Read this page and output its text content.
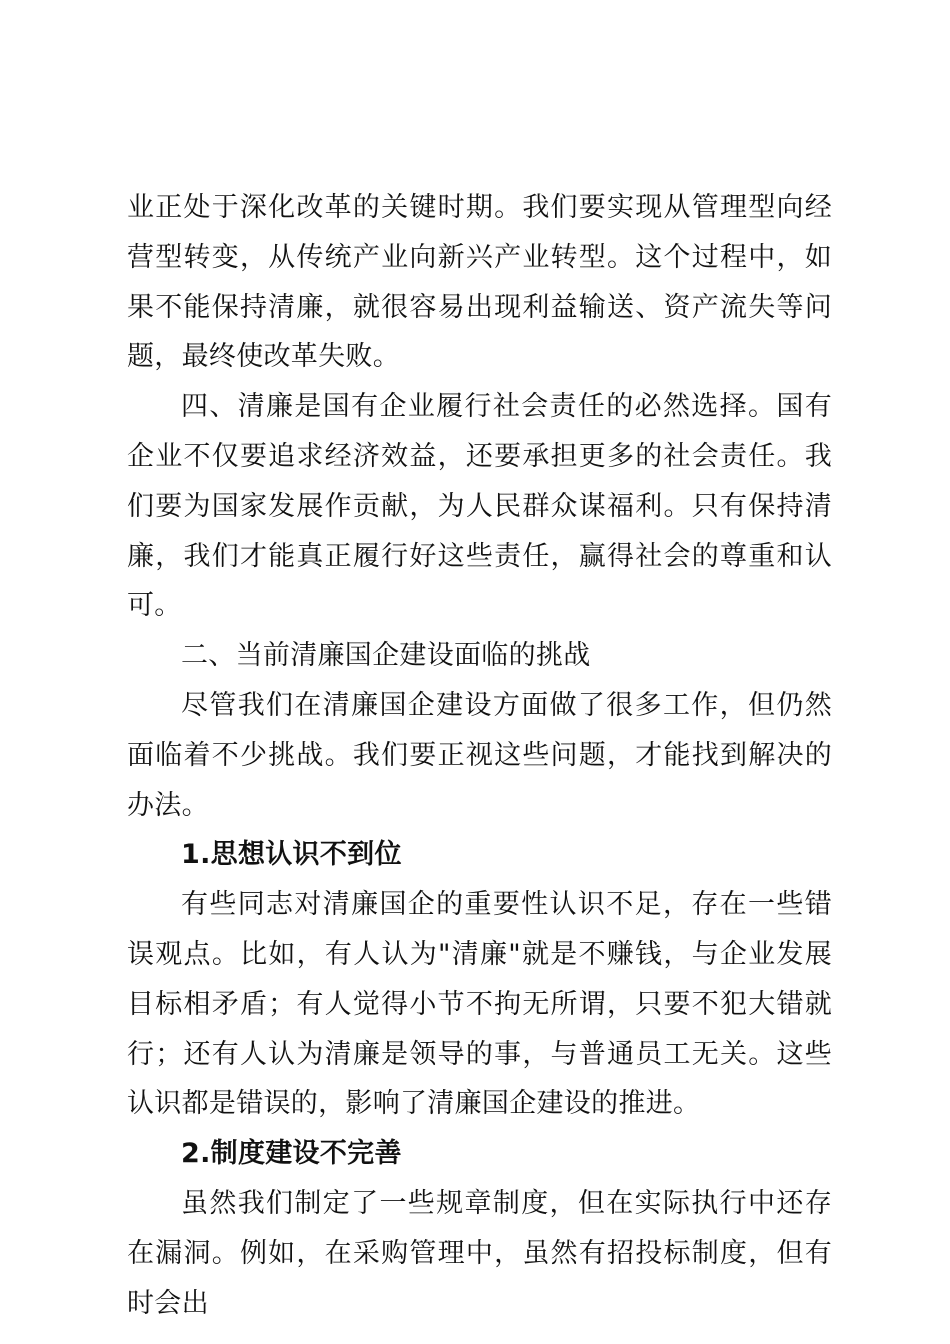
业正处于深化改革的关键时期。我们要实现从管理型向经营型转变，从传统产业向新兴产业转型。这个过程中，如果不能保持清廉，就很容易出现利益输送、资产流失等问题，最终使改革失败。

四、清廉是国有企业履行社会责任的必然选择。国有企业不仅要追求经济效益，还要承担更多的社会责任。我们要为国家发展作贡献，为人民群众谋福利。只有保持清廉，我们才能真正履行好这些责任，赢得社会的尊重和认可。

二、当前清廉国企建设面临的挑战

尽管我们在清廉国企建设方面做了很多工作，但仍然面临着不少挑战。我们要正视这些问题，才能找到解决的办法。

1.思想认识不到位

有些同志对清廉国企的重要性认识不足，存在一些错误观点。比如，有人认为"清廉"就是不赚钱，与企业发展目标相矛盾；有人觉得小节不拘无所谓，只要不犯大错就行；还有人认为清廉是领导的事，与普通员工无关。这些认识都是错误的，影响了清廉国企建设的推进。

2.制度建设不完善

虽然我们制定了一些规章制度，但在实际执行中还存在漏洞。例如，在采购管理中，虽然有招投标制度，但有时会出
